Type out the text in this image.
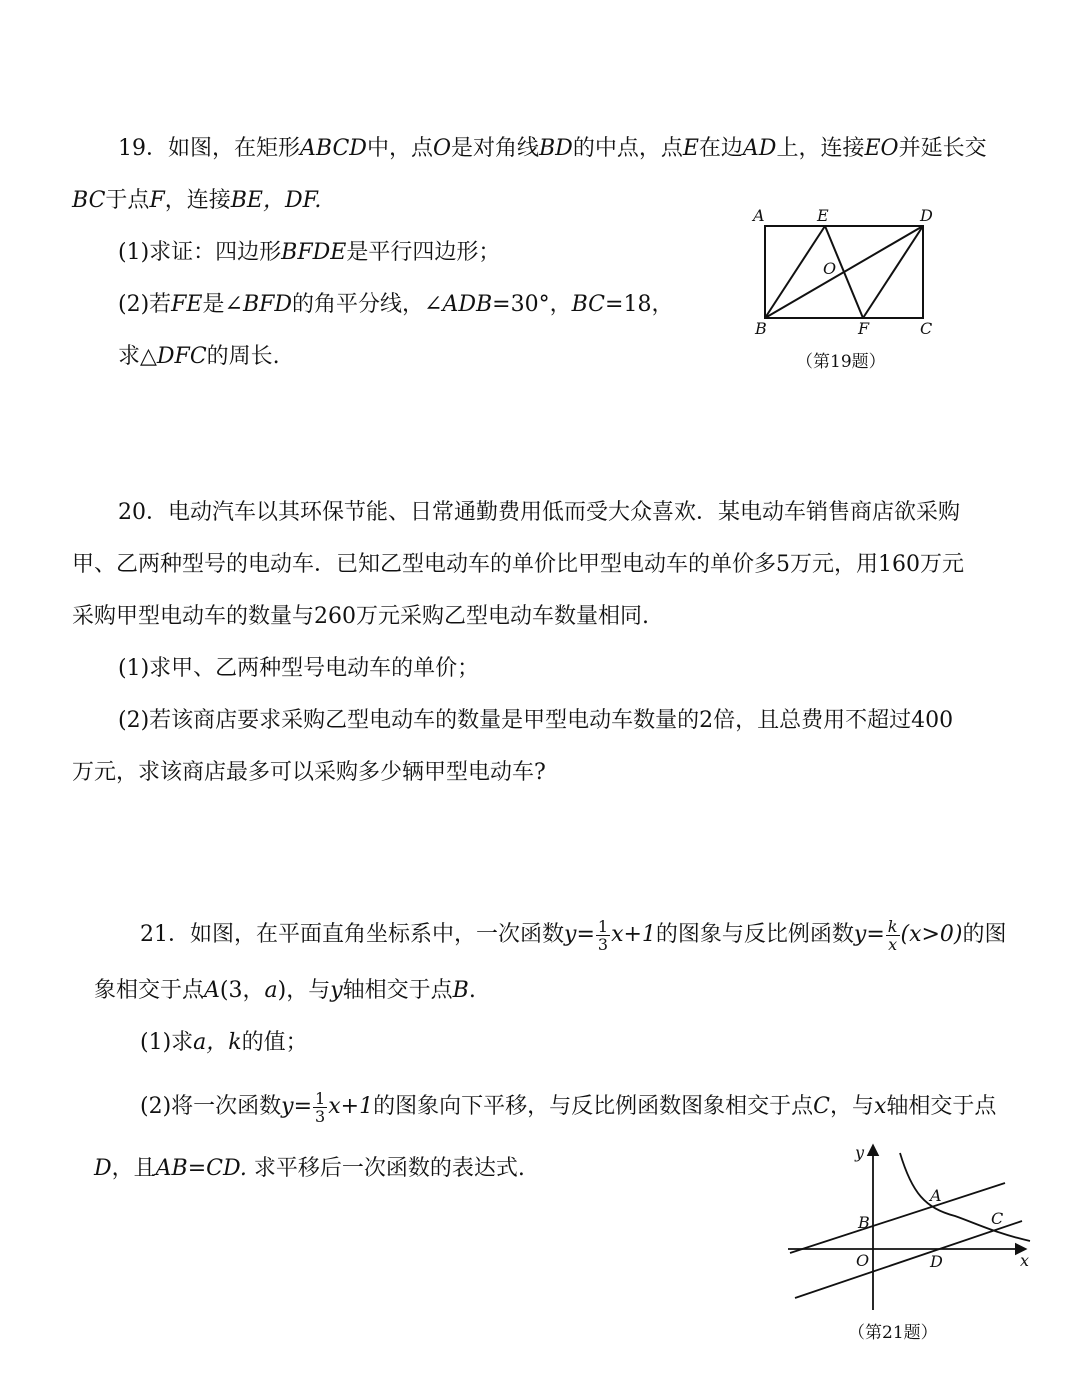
19．如图，在矩形ABCD中，点O是对角线BD的中点，点E在边AD上，连接EO并延长交
BC于点F，连接BE，DF.
(1)求证：四边形BFDE是平行四边形；
(2)若FE是∠BFD的角平分线，∠ADB=30°，BC=18，
求△DFC的周长.
A	E	D
O
B	F	C
（第19题）
20．电动汽车以其环保节能、日常通勤费用低而受大众喜欢．某电动车销售商店欲采购
甲、乙两种型号的电动车．已知乙型电动车的单价比甲型电动车的单价多5万元，用160万元
采购甲型电动车的数量与260万元采购乙型电动车数量相同.
(1)求甲、乙两种型号电动车的单价；
(2)若该商店要求采购乙型电动车的数量是甲型电动车数量的2倍，且总费用不超过400
万元，求该商店最多可以采购多少辆甲型电动车?
21．如图，在平面直角坐标系中，一次函数$y= \frac{1}{3} x+1$的图象与反比例函数$y= \frac{k}{x} (x>0)$的图
象相交于点A(3，a)，与y轴相交于点B.
(1)求a，k的值；
(2)将一次函数$y= \frac{1}{3} x+1$的图象向下平移，与反比例函数图象相交于点C，与x轴相交于点
D，且AB=CD. 求平移后一次函数的表达式.
y
x
A
B	C
O	D
（第21题）
